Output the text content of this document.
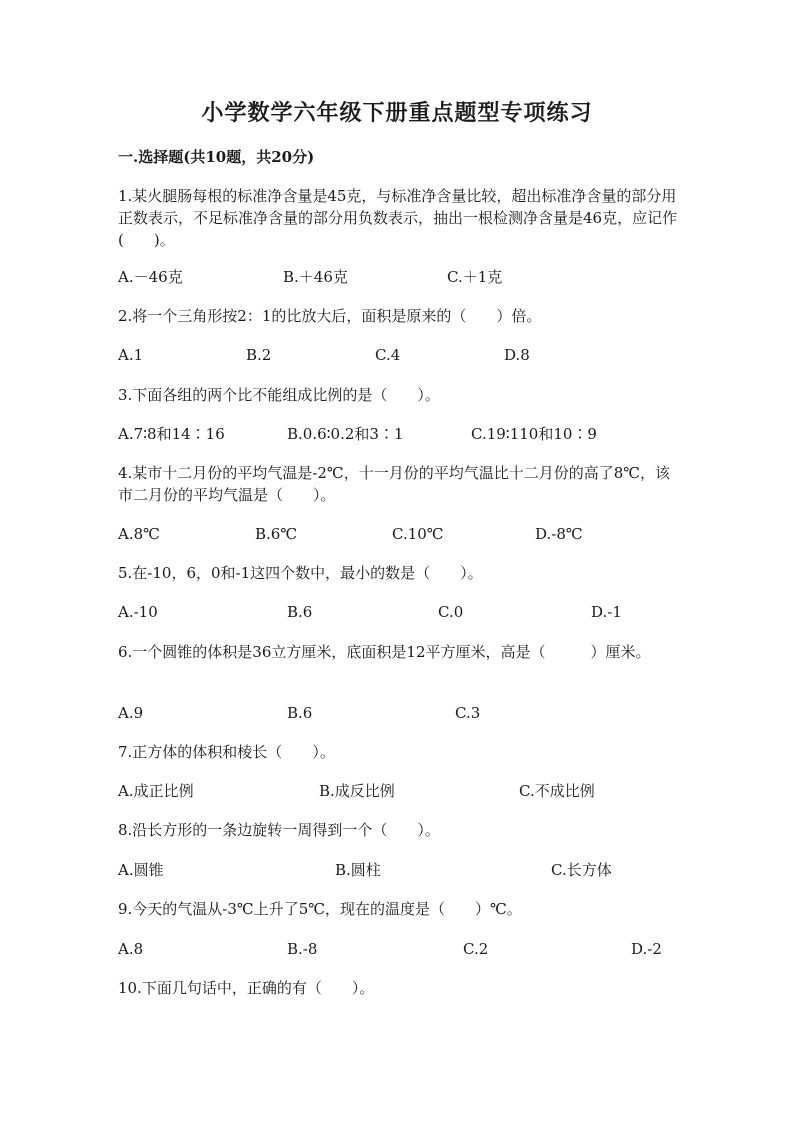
小学数学六年级下册重点题型专项练习
一.选择题(共10题，共20分)
1.某火腿肠每根的标准净含量是45克，与标准净含量比较，超出标准净含量的部分用正数表示，不足标准净含量的部分用负数表示，抽出一根检测净含量是46克，应记作(　　)。
A.－46克	B.＋46克	C.＋1克
2.将一个三角形按2：1的比放大后，面积是原来的（　　）倍。
A.1	B.2	C.4	D.8
3.下面各组的两个比不能组成比例的是（　　）。
A.7∶8和14∶16	B.0.6∶0.2和3∶1	C.19∶110和10∶9
4.某市十二月份的平均气温是-2℃，十一月份的平均气温比十二月份的高了8℃，该市二月份的平均气温是（　　）。
A.8℃	B.6℃	C.10℃	D.-8℃
5.在-10，6，0和-1这四个数中，最小的数是（　　）。
A.-10	B.6	C.0	D.-1
6.一个圆锥的体积是36立方厘米，底面积是12平方厘米，高是（　　　）厘米。
A.9	B.6	C.3
7.正方体的体积和棱长（　　）。
A.成正比例	B.成反比例	C.不成比例
8.沿长方形的一条边旋转一周得到一个（　　）。
A.圆锥	B.圆柱	C.长方体
9.今天的气温从-3℃上升了5℃，现在的温度是（　　）℃。
A.8	B.-8	C.2	D.-2
10.下面几句话中，正确的有（　　）。
